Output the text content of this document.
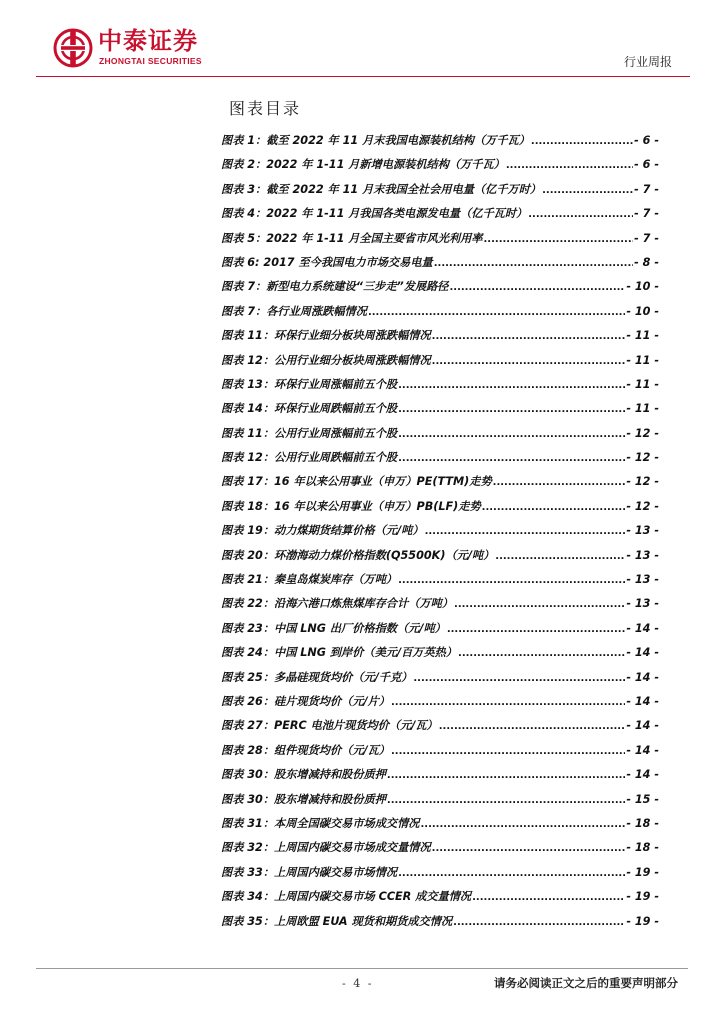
中泰证券
ZHONGTAI SECURITIES	行业周报
图表目录
图表 1：截至 2022 年 11 月末我国电源装机结构（万千瓦） .....	- 6 -
图表 2：2022 年 1-11 月新增电源装机结构（万千瓦） .....	- 6 -
图表 3：截至 2022 年 11 月末我国全社会用电量（亿千万时） .....	- 7 -
图表 4：2022 年 1-11 月我国各类电源发电量（亿千瓦时） .....	- 7 -
图表 5：2022 年 1-11 月全国主要省市风光利用率 .....	- 7 -
图表 6: 2017 至今我国电力市场交易电量 .....	- 8 -
图表 7：新型电力系统建设“三步走”发展路径 .....	- 10 -
图表 7：各行业周涨跌幅情况 .....	- 10 -
图表 11：环保行业细分板块周涨跌幅情况 .....	- 11 -
图表 12：公用行业细分板块周涨跌幅情况 .....	- 11 -
图表 13：环保行业周涨幅前五个股 .....	- 11 -
图表 14：环保行业周跌幅前五个股 .....	- 11 -
图表 11：公用行业周涨幅前五个股 .....	- 12 -
图表 12：公用行业周跌幅前五个股 .....	- 12 -
图表 17：16 年以来公用事业（申万）PE(TTM)走势 .....	- 12 -
图表 18：16 年以来公用事业（申万）PB(LF)走势 .....	- 12 -
图表 19：动力煤期货结算价格（元/吨） .....	- 13 -
图表 20：环渤海动力煤价格指数(Q5500K)（元/吨） .....	- 13 -
图表 21：秦皇岛煤炭库存（万吨） .....	- 13 -
图表 22：沿海六港口炼焦煤库存合计（万吨） .....	- 13 -
图表 23：中国 LNG 出厂价格指数（元/吨） .....	- 14 -
图表 24：中国 LNG 到岸价（美元/百万英热） .....	- 14 -
图表 25：多晶硅现货均价（元/千克） .....	- 14 -
图表 26：硅片现货均价（元/片） .....	- 14 -
图表 27：PERC 电池片现货均价（元/瓦） .....	- 14 -
图表 28：组件现货均价（元/瓦） .....	- 14 -
图表 30：股东增减持和股份质押 .....	- 14 -
图表 30：股东增减持和股份质押 .....	- 15 -
图表 31：本周全国碳交易市场成交情况 .....	- 18 -
图表 32：上周国内碳交易市场成交量情况 .....	- 18 -
图表 33：上周国内碳交易市场情况 .....	- 19 -
图表 34：上周国内碳交易市场 CCER 成交量情况 .....	- 19 -
图表 35：上周欧盟 EUA 现货和期货成交情况 .....	- 19 -
- 4 -	请务必阅读正文之后的重要声明部分
